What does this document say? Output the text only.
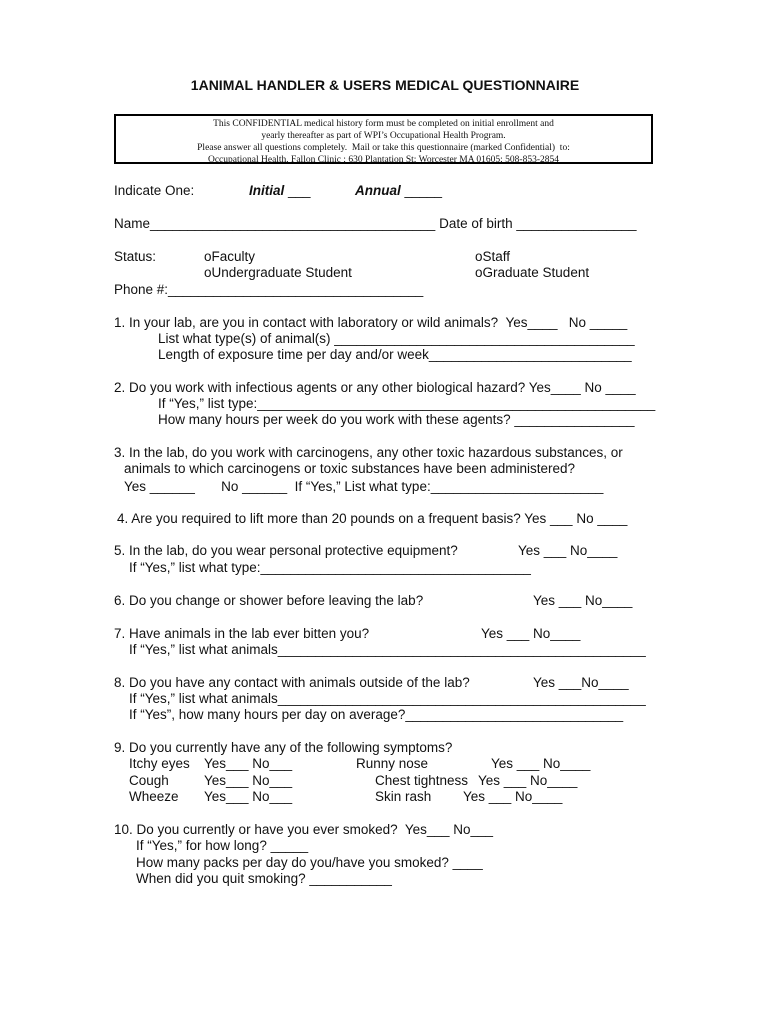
1ANIMAL HANDLER & USERS MEDICAL QUESTIONNAIRE
This CONFIDENTIAL medical history form must be completed on initial enrollment and
yearly thereafter as part of WPI’s Occupational Health Program.
Please answer all questions completely.  Mail or take this questionnaire (marked Confidential)  to:
Occupational Health, Fallon Clinic ; 630 Plantation St; Worcester MA 01605; 508-853-2854
Indicate One:	Initial ___	Annual _____
Name______________________________________ Date of birth ________________
Status:	oFaculty	oStaff
oUndergraduate Student	oGraduate Student
Phone #:__________________________________
1. In your lab, are you in contact with laboratory or wild animals?  Yes____   No _____
List what type(s) of animal(s) ________________________________________
Length of exposure time per day and/or week___________________________
2. Do you work with infectious agents or any other biological hazard? Yes____ No ____
If “Yes,” list type:_____________________________________________________
How many hours per week do you work with these agents? ________________
3. In the lab, do you work with carcinogens, any other toxic hazardous substances, or
animals to which carcinogens or toxic substances have been administered?
Yes ______       No ______  If “Yes,” List what type:_______________________
4. Are you required to lift more than 20 pounds on a frequent basis? Yes ___ No ____
5. In the lab, do you wear personal protective equipment?	Yes ___ No____
If “Yes,” list what type:____________________________________
6. Do you change or shower before leaving the lab?	Yes ___ No____
7. Have animals in the lab ever bitten you?	Yes ___ No____
If “Yes,” list what animals_________________________________________________
8. Do you have any contact with animals outside of the lab?	Yes ___No____
If “Yes,” list what animals_________________________________________________
If “Yes”, how many hours per day on average?_____________________________
9. Do you currently have any of the following symptoms?
Itchy eyes Yes___ No___	Runny nose	Yes ___ No____
Cough	Yes___ No___	Chest tightness Yes ___ No____
Wheeze Yes___ No___	Skin rash Yes ___ No____
10. Do you currently or have you ever smoked?  Yes___ No___
If “Yes,” for how long? _____
How many packs per day do you/have you smoked? ____
When did you quit smoking? ___________
